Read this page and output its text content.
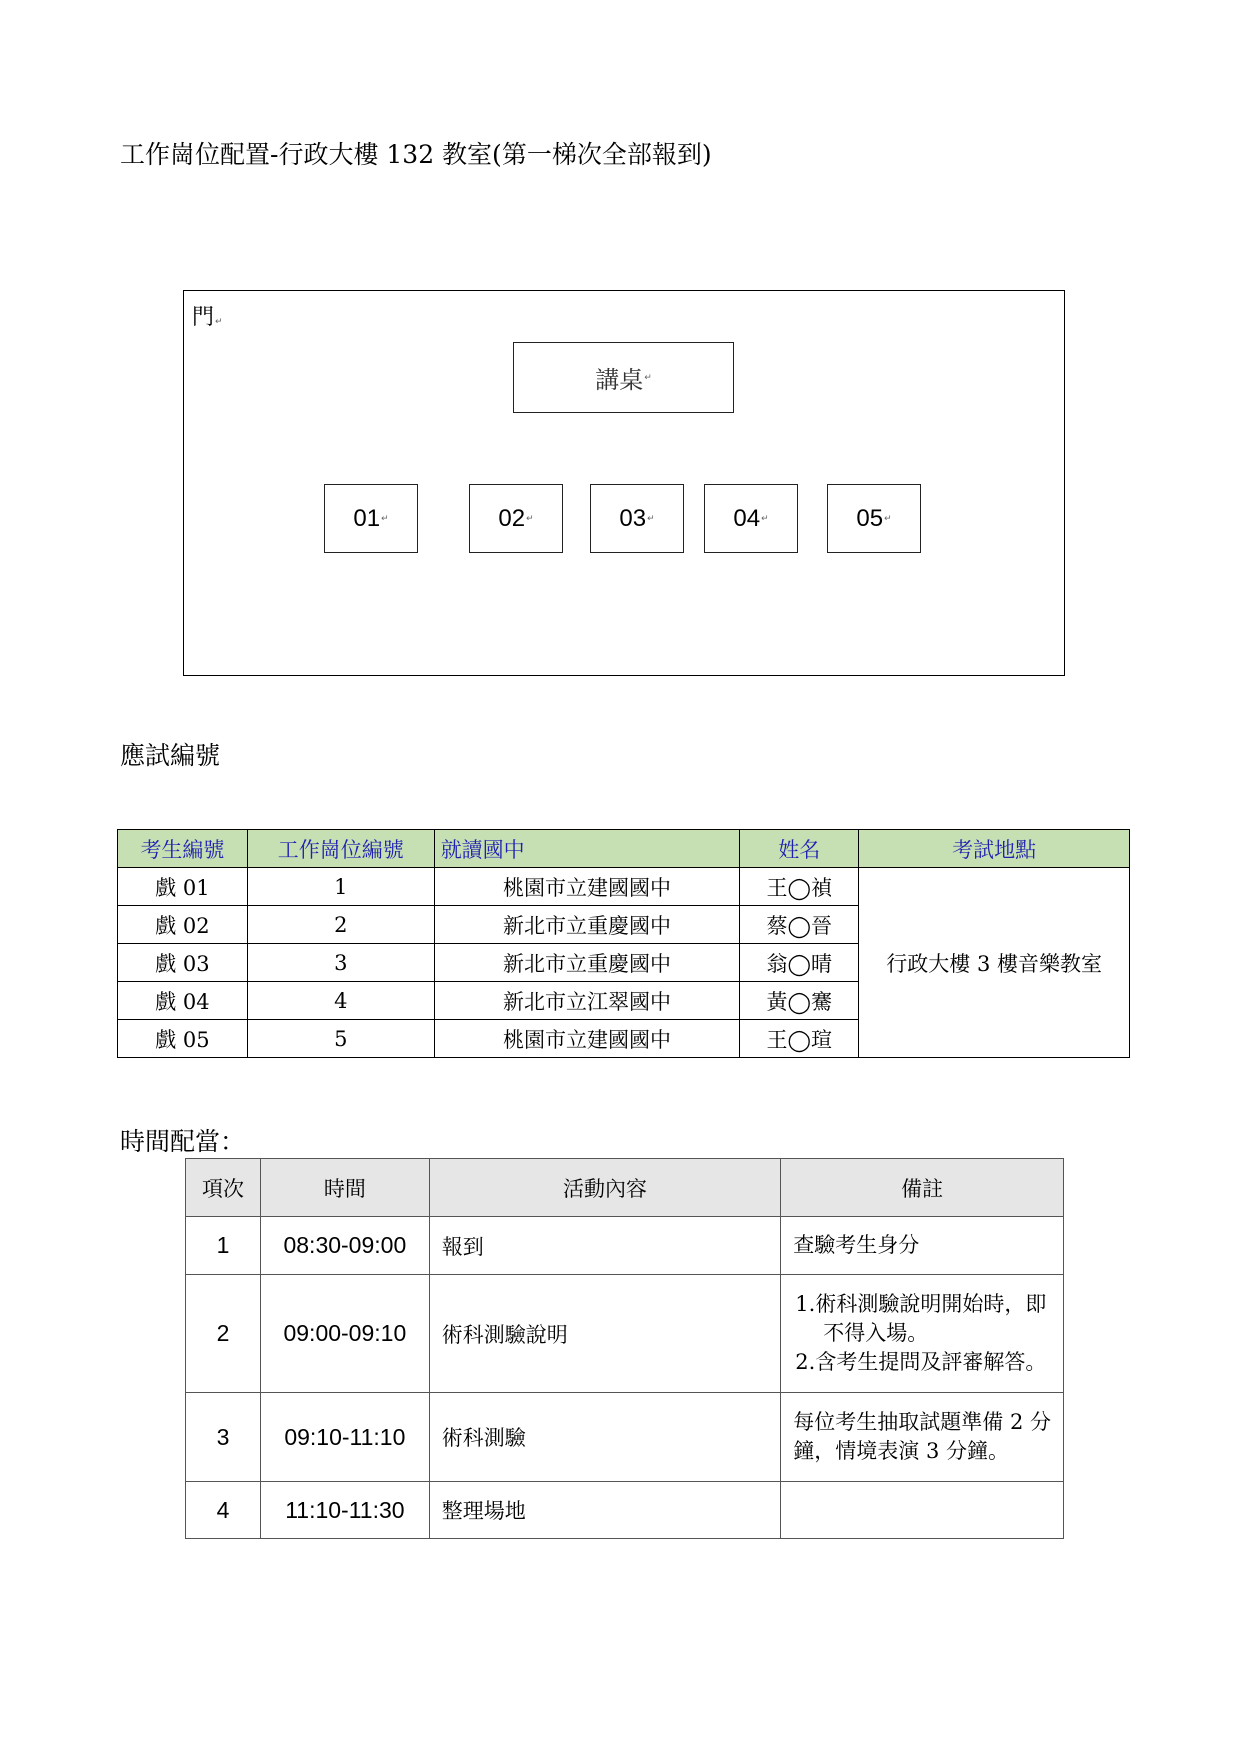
工作崗位配置-行政大樓 132 教室(第一梯次全部報到)
門↵
講桌 ↵
01 ↵	02 ↵	03 ↵	04 ↵	05 ↵
應試編號
考生編號	工作崗位編號	就讀國中	姓名	考試地點
戲 01	1	桃園市立建國國中	王◯禎	行政大樓 3 樓音樂教室
戲 02	2	新北市立重慶國中	蔡◯晉	
戲 03	3	新北市立重慶國中	翁◯晴	
戲 04	4	新北市立江翠國中	黃◯騫	
戲 05	5	桃園市立建國國中	王◯瑄	
時間配當：
項次	時間	活動內容	備註
1	08:30-09:00	報到	查驗考生身分
2	09:00-09:10	術科測驗說明	1.術科測驗說明開始時，即不得入場。
2.含考生提問及評審解答。

3	09:10-11:10	術科測驗	每位考生抽取試題準備 2 分鐘，情境表演 3 分鐘。
4	11:10-11:30	整理場地	
